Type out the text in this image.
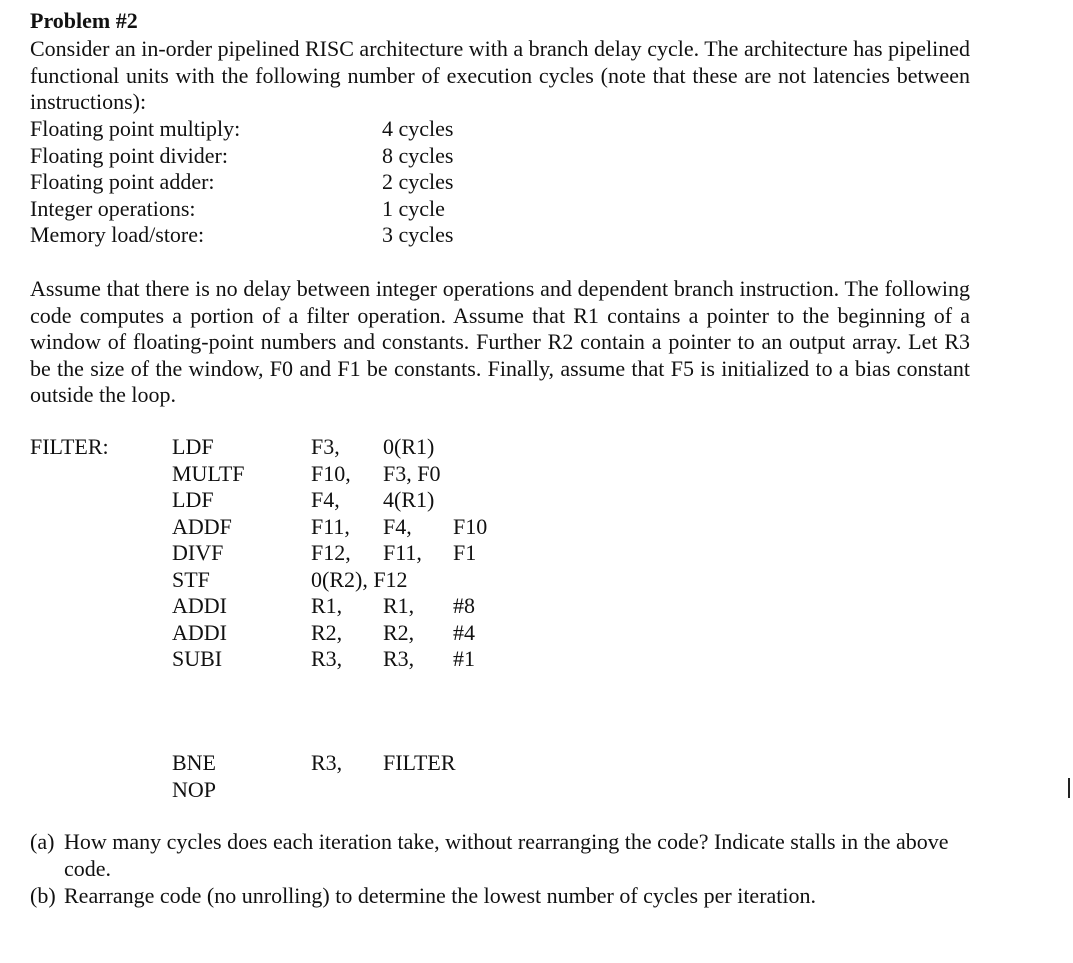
Problem #2
Consider an in-order pipelined RISC architecture with a branch delay cycle. The architecture has pipelined functional units with the following number of execution cycles (note that these are not latencies between instructions):
Floating point multiply:	4 cycles
Floating point divider:	8 cycles
Floating point adder:	2 cycles
Integer operations:	1 cycle
Memory load/store:	3 cycles
Assume that there is no delay between integer operations and dependent branch instruction. The following code computes a portion of a filter operation. Assume that R1 contains a pointer to the beginning of a window of floating-point numbers and constants. Further R2 contain a pointer to an output array. Let R3 be the size of the window, F0 and F1 be constants. Finally, assume that F5 is initialized to a bias constant outside the loop.
FILTER:	LDF	F3, 0(R1)
MULTF	F10, F3, F0
LDF	F4, 4(R1)
ADDF	F11, F4, F10
DIVF	F12, F11, F1
STF	0(R2), F12
ADDI	R1, R1, #8
ADDI	R2, R2, #4
SUBI	R3, R3, #1
BNE	R3, FILTER
NOP
(a) How many cycles does each iteration take, without rearranging the code? Indicate stalls in the above code.
(b) Rearrange code (no unrolling) to determine the lowest number of cycles per iteration.
